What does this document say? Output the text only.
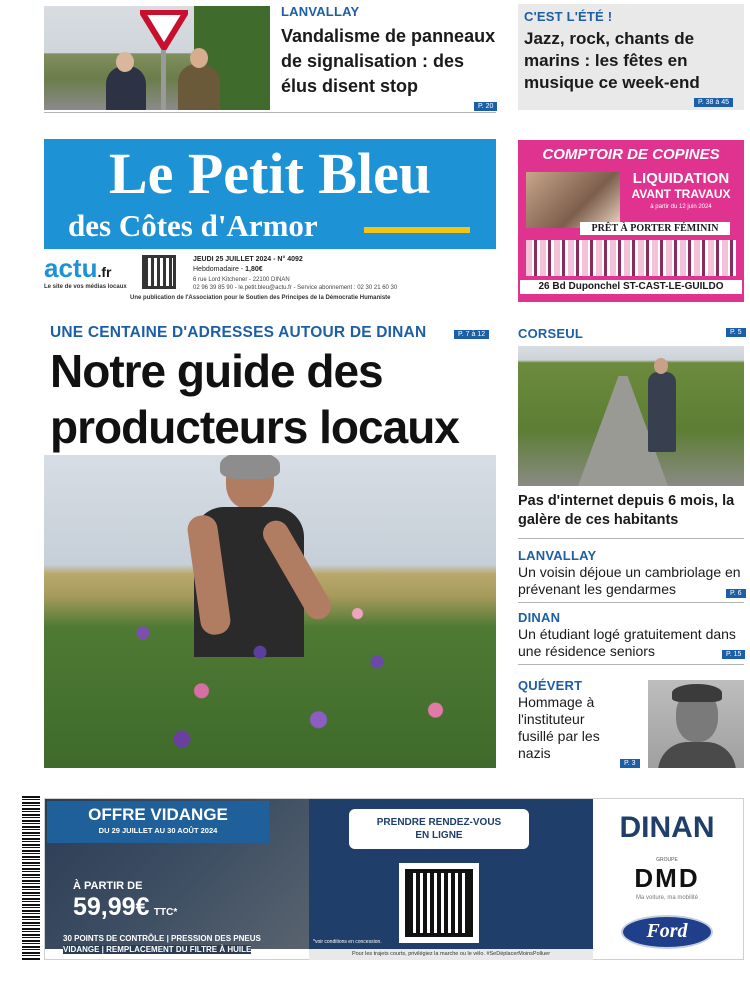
LANVALLAY
Vandalisme de panneaux de signalisation : des élus disent stop
P. 20
C'EST L'ÉTÉ !
Jazz, rock, chants de marins : les fêtes en musique ce week-end
P. 38 à 45
Le Petit Bleu
des Côtes d'Armor
actu.fr
Le site de vos médias locaux
JEUDI 25 JUILLET 2024 - N° 4092
Hebdomadaire - 1,80€
6 rue Lord Kitchener - 22100 DINAN
02 96 39 85 90 - le.petit.bleu@actu.fr - Service abonnement : 02 30 21 60 30
Une publication de l'Association pour le Soutien des Principes de la Démocratie Humaniste
COMPTOIR DE COPINES
LIQUIDATION
AVANT TRAVAUX
à partir du 12 juin 2024
PRÊT À PORTER FÉMININ
26 Bd Duponchel ST-CAST-LE-GUILDO
UNE CENTAINE D'ADRESSES AUTOUR DE DINAN	P. 7 à 12
Notre guide des
producteurs locaux
CORSEUL	P. 5
Pas d'internet depuis 6 mois, la galère de ces habitants
LANVALLAY
Un voisin déjoue un cambriolage en prévenant les gendarmes	P. 6
DINAN
Un étudiant logé gratuitement dans une résidence seniors	P. 15
QUÉVERT
Hommage à l'instituteur fusillé par les nazis
P. 3
OFFRE VIDANGE
DU 29 JUILLET AU 30 AOÛT 2024
À PARTIR DE
59,99€ TTC*
30 POINTS DE CONTRÔLE | PRESSION DES PNEUS
VIDANGE | REMPLACEMENT DU FILTRE À HUILE
PRENDRE RENDEZ-VOUS
EN LIGNE
*voir conditions en concession.
DINAN
GROUPE
DMD
Ma voiture, ma mobilité
Ford
Pour les trajets courts, privilégiez la marche ou le vélo. #SeDéplacerMoinsPolluer
